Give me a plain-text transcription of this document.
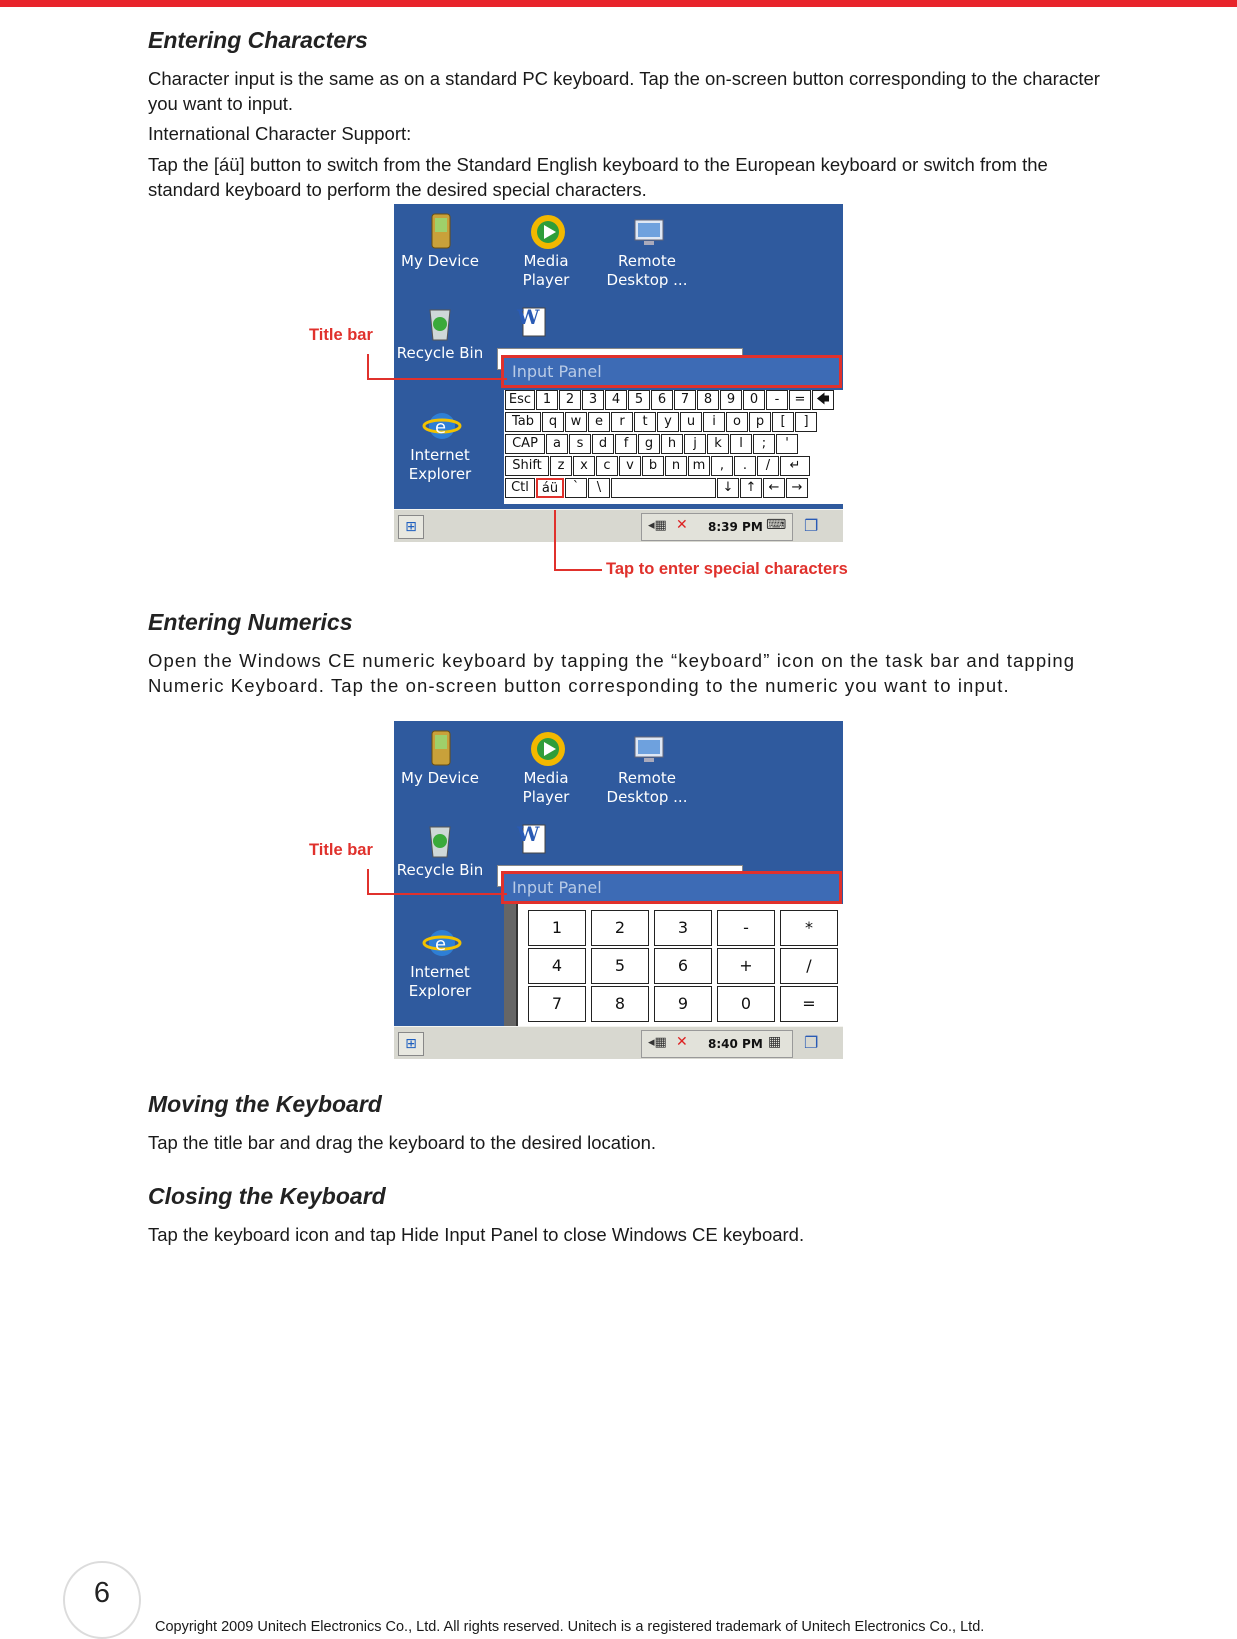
Entering Characters
Character input is the same as on a standard PC keyboard. Tap the on-screen button corresponding to the character you want to input.
International Character Support:
Tap the [áü] button to switch from the Standard English keyboard to the European keyboard or switch from the standard keyboard to perform the desired special characters.
My Device	Media Player
Remote
Desktop ...
Recycle Bin
W
e
Internet
Explorer
Input Panel
Esc 1	2	3	4	5	6	7	8	9	0	-	= 🡄
Tab	q	w	e	r	t	y	u	i	o	p	[	]
CAP	a	s	d	f	g	h	j	k	l	;	'
Shift	z	x	c	v	b	n m	,	.	/	↵
Ctl	áü	`	\	↓ ↑ ← →
⊞	◂▦ ✕ 8:39 PM ⌨ ❐
Title bar
Tap to enter special characters
Entering Numerics
Open the Windows CE numeric keyboard by tapping the “keyboard” icon on the task bar and tapping Numeric Keyboard. Tap the on-screen button corresponding to the numeric you want to input.
My Device	Media Player
Remote
Desktop ...
Recycle Bin
W
e
Internet
Explorer
Input Panel
1	2	3	-	*
4	5	6	+	/
7	8	9	0	=
⊞	◂▦ ✕ 8:40 PM ▦ ❐
Title bar
Moving the Keyboard
Tap the title bar and drag the keyboard to the desired location.
Closing the Keyboard
Tap the keyboard icon and tap Hide Input Panel to close Windows CE keyboard.
6
Copyright 2009 Unitech Electronics Co., Ltd. All rights reserved. Unitech is a registered trademark of Unitech Electronics Co., Ltd.
